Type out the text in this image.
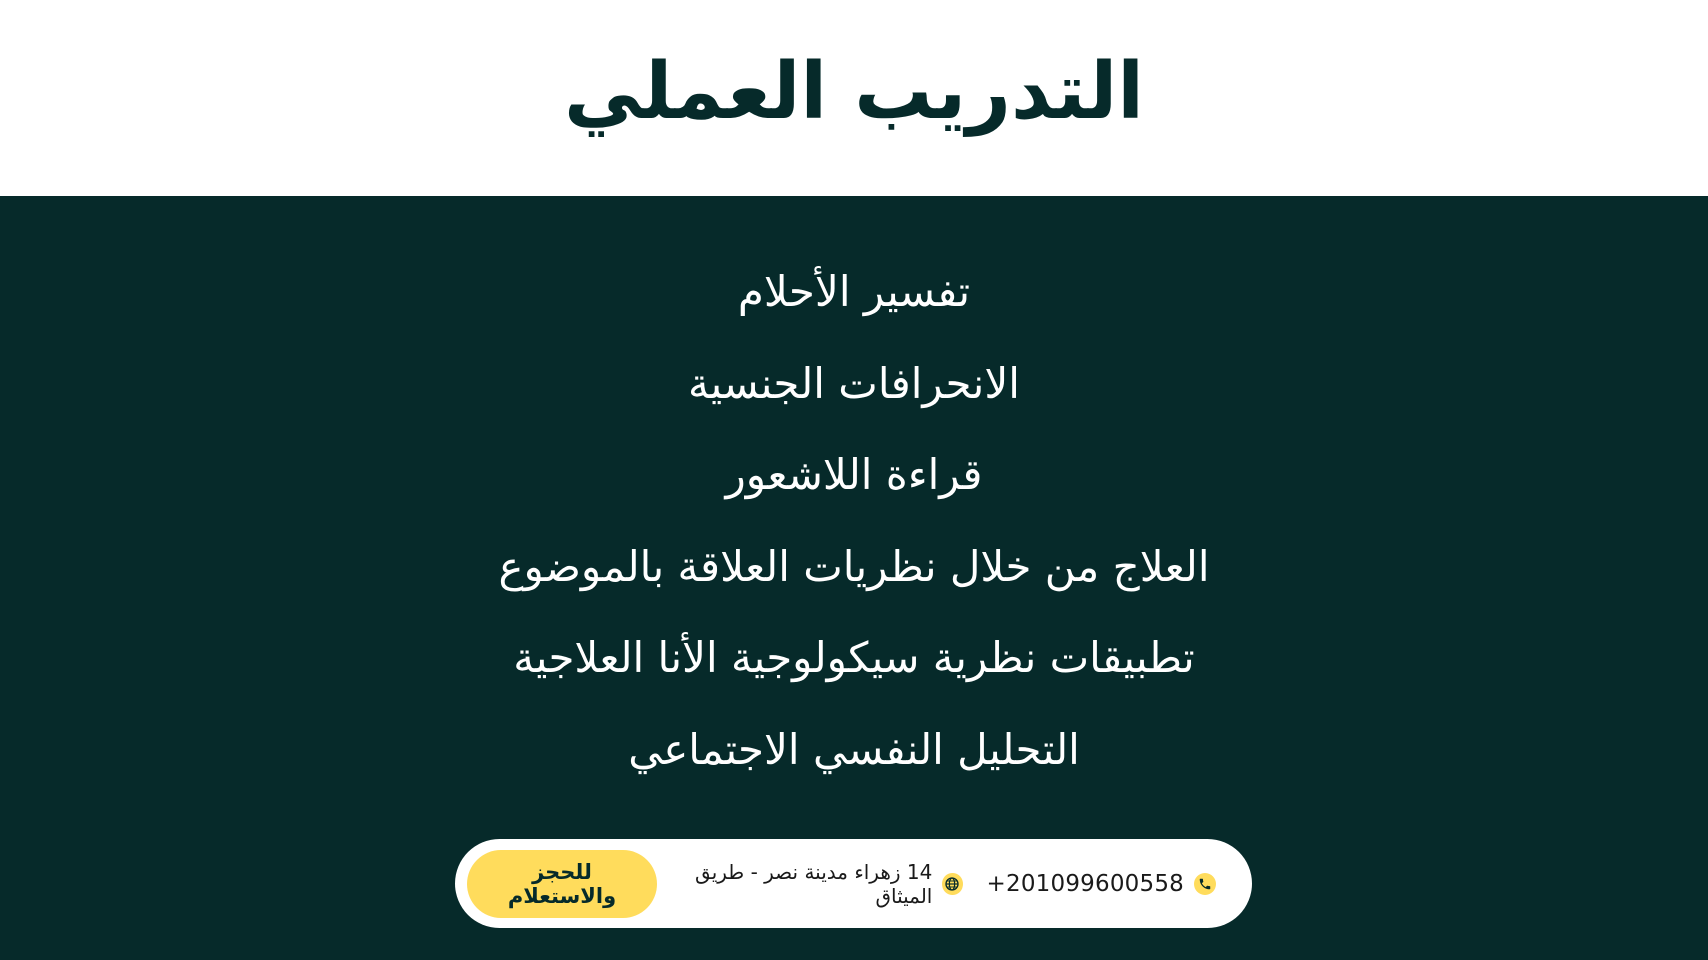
التدريب العملي
تفسير الأحلام
الانحرافات الجنسية
قراءة اللاشعور
العلاج من خلال نظريات العلاقة بالموضوع
تطبيقات نظرية سيكولوجية الأنا العلاجية
التحليل النفسي الاجتماعي
+201099600558
14 زهراء مدينة نصر - طريق الميثاق
للحجز والاستعلام
